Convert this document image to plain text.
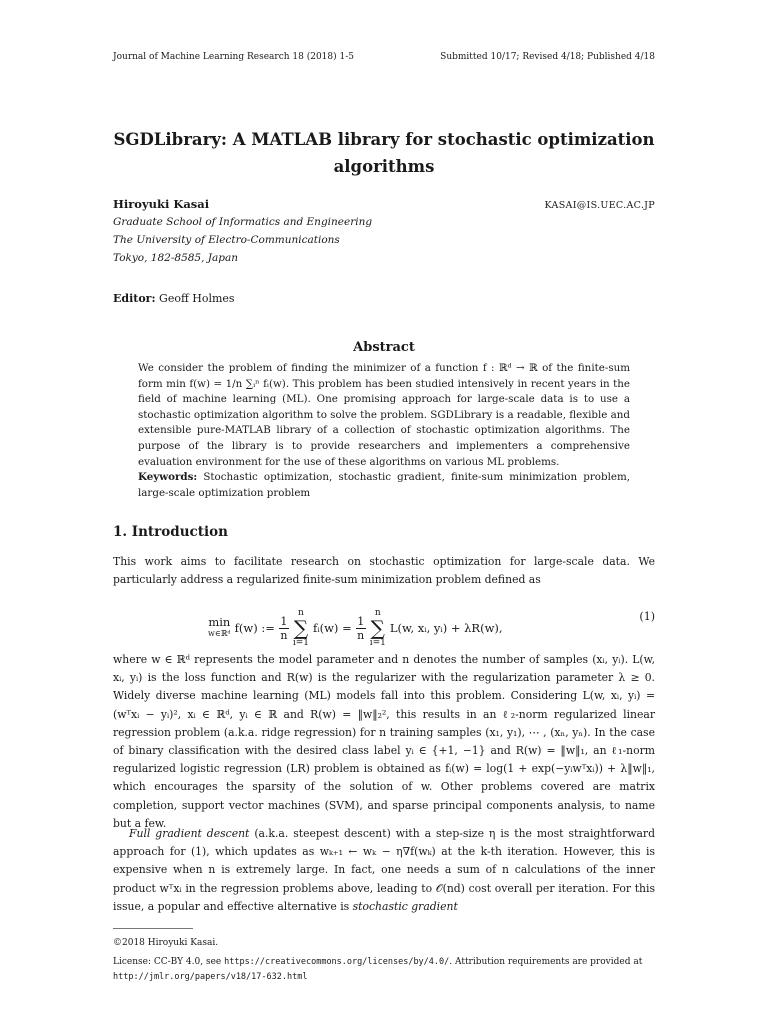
Journal of Machine Learning Research 18 (2018) 1-5	Submitted 10/17; Revised 4/18; Published 4/18
SGDLibrary: A MATLAB library for stochastic optimization
algorithms
Hiroyuki Kasai	KASAI@IS.UEC.AC.JP
Graduate School of Informatics and Engineering
The University of Electro-Communications
Tokyo, 182-8585, Japan
Editor: Geoff Holmes
Abstract
We consider the problem of finding the minimizer of a function f : ℝᵈ → ℝ of the finite-sum form min f(w) = 1/n ∑ᵢⁿ fᵢ(w). This problem has been studied intensively in recent years in the field of machine learning (ML). One promising approach for large-scale data is to use a stochastic optimization algorithm to solve the problem. SGDLibrary is a readable, flexible and extensible pure-MATLAB library of a collection of stochastic optimization algorithms. The purpose of the library is to provide researchers and implementers a comprehensive evaluation environment for the use of these algorithms on various ML problems.
Keywords: Stochastic optimization, stochastic gradient, finite-sum minimization problem, large-scale optimization problem
1. Introduction
This work aims to facilitate research on stochastic optimization for large-scale data. We particularly address a regularized finite-sum minimization problem defined as
min
w∈ℝᵈ f(w) := $\frac{1}{n}$
n
∑
i=1
fᵢ(w) = $\frac{1}{n}$
n
∑
i=1
L(w, xᵢ, yᵢ) + λR(w),
(1)
where w ∈ ℝᵈ represents the model parameter and n denotes the number of samples (xᵢ, yᵢ). L(w, xᵢ, yᵢ) is the loss function and R(w) is the regularizer with the regularization parameter λ ≥ 0. Widely diverse machine learning (ML) models fall into this problem. Considering L(w, xᵢ, yᵢ) = (wᵀxᵢ − yᵢ)², xᵢ ∈ ℝᵈ, yᵢ ∈ ℝ and R(w) = ‖w‖₂², this results in an ℓ₂-norm regularized linear regression problem (a.k.a. ridge regression) for n training samples (x₁, y₁), ⋯ , (xₙ, yₙ). In the case of binary classification with the desired class label yᵢ ∈ {+1, −1} and R(w) = ‖w‖₁, an ℓ₁-norm regularized logistic regression (LR) problem is obtained as fᵢ(w) = log(1 + exp(−yᵢwᵀxᵢ)) + λ‖w‖₁, which encourages the sparsity of the solution of w. Other problems covered are matrix completion, support vector machines (SVM), and sparse principal components analysis, to name but a few.
Full gradient descent (a.k.a. steepest descent) with a step-size η is the most straightforward approach for (1), which updates as wₖ₊₁ ← wₖ − η∇f(wₖ) at the k-th iteration. However, this is expensive when n is extremely large. In fact, one needs a sum of n calculations of the inner product wᵀxᵢ in the regression problems above, leading to 𝒪(nd) cost overall per iteration. For this issue, a popular and effective alternative is stochastic gradient
©2018 Hiroyuki Kasai.
License: CC-BY 4.0, see https://creativecommons.org/licenses/by/4.0/. Attribution requirements are provided at http://jmlr.org/papers/v18/17-632.html
